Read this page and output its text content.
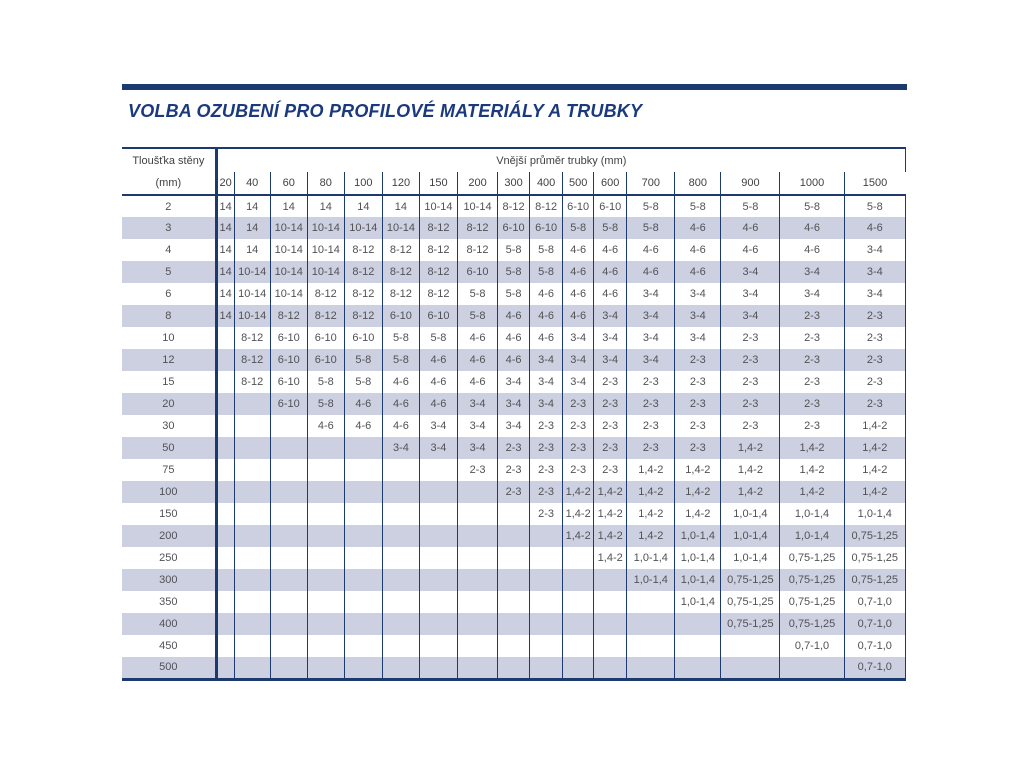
VOLBA OZUBENÍ PRO PROFILOVÉ MATERIÁLY A TRUBKY
Tloušťka stěny	Vnější průměr trubky (mm)																
(mm)	20	40	60	80	100	120	150	200	300	400	500	600	700	800	900	1000	1500
2	14	14	14	14	14	14	10-14	10-14	8-12	8-12	6-10	6-10	5-8	5-8	5-8	5-8	5-8
3	14	14	10-14	10-14	10-14	10-14	8-12	8-12	6-10	6-10	5-8	5-8	5-8	4-6	4-6	4-6	4-6
4	14	14	10-14	10-14	8-12	8-12	8-12	8-12	5-8	5-8	4-6	4-6	4-6	4-6	4-6	4-6	3-4
5	14	10-14	10-14	10-14	8-12	8-12	8-12	6-10	5-8	5-8	4-6	4-6	4-6	4-6	3-4	3-4	3-4
6	14	10-14	10-14	8-12	8-12	8-12	8-12	5-8	5-8	4-6	4-6	4-6	3-4	3-4	3-4	3-4	3-4
8	14	10-14	8-12	8-12	8-12	6-10	6-10	5-8	4-6	4-6	4-6	3-4	3-4	3-4	3-4	2-3	2-3
10		8-12	6-10	6-10	6-10	5-8	5-8	4-6	4-6	4-6	3-4	3-4	3-4	3-4	2-3	2-3	2-3
12		8-12	6-10	6-10	5-8	5-8	4-6	4-6	4-6	3-4	3-4	3-4	3-4	2-3	2-3	2-3	2-3
15		8-12	6-10	5-8	5-8	4-6	4-6	4-6	3-4	3-4	3-4	2-3	2-3	2-3	2-3	2-3	2-3
20			6-10	5-8	4-6	4-6	4-6	3-4	3-4	3-4	2-3	2-3	2-3	2-3	2-3	2-3	2-3
30				4-6	4-6	4-6	3-4	3-4	3-4	2-3	2-3	2-3	2-3	2-3	2-3	2-3	1,4-2
50						3-4	3-4	3-4	2-3	2-3	2-3	2-3	2-3	2-3	1,4-2	1,4-2	1,4-2
75								2-3	2-3	2-3	2-3	2-3	1,4-2	1,4-2	1,4-2	1,4-2	1,4-2
100									2-3	2-3	1,4-2	1,4-2	1,4-2	1,4-2	1,4-2	1,4-2	1,4-2
150										2-3	1,4-2	1,4-2	1,4-2	1,4-2	1,0-1,4	1,0-1,4	1,0-1,4
200											1,4-2	1,4-2	1,4-2	1,0-1,4	1,0-1,4	1,0-1,4	0,75-1,25
250												1,4-2	1,0-1,4	1,0-1,4	1,0-1,4	0,75-1,25	0,75-1,25
300													1,0-1,4	1,0-1,4	0,75-1,25	0,75-1,25	0,75-1,25
350														1,0-1,4	0,75-1,25	0,75-1,25	0,7-1,0
400															0,75-1,25	0,75-1,25	0,7-1,0
450																0,7-1,0	0,7-1,0
500																	0,7-1,0
